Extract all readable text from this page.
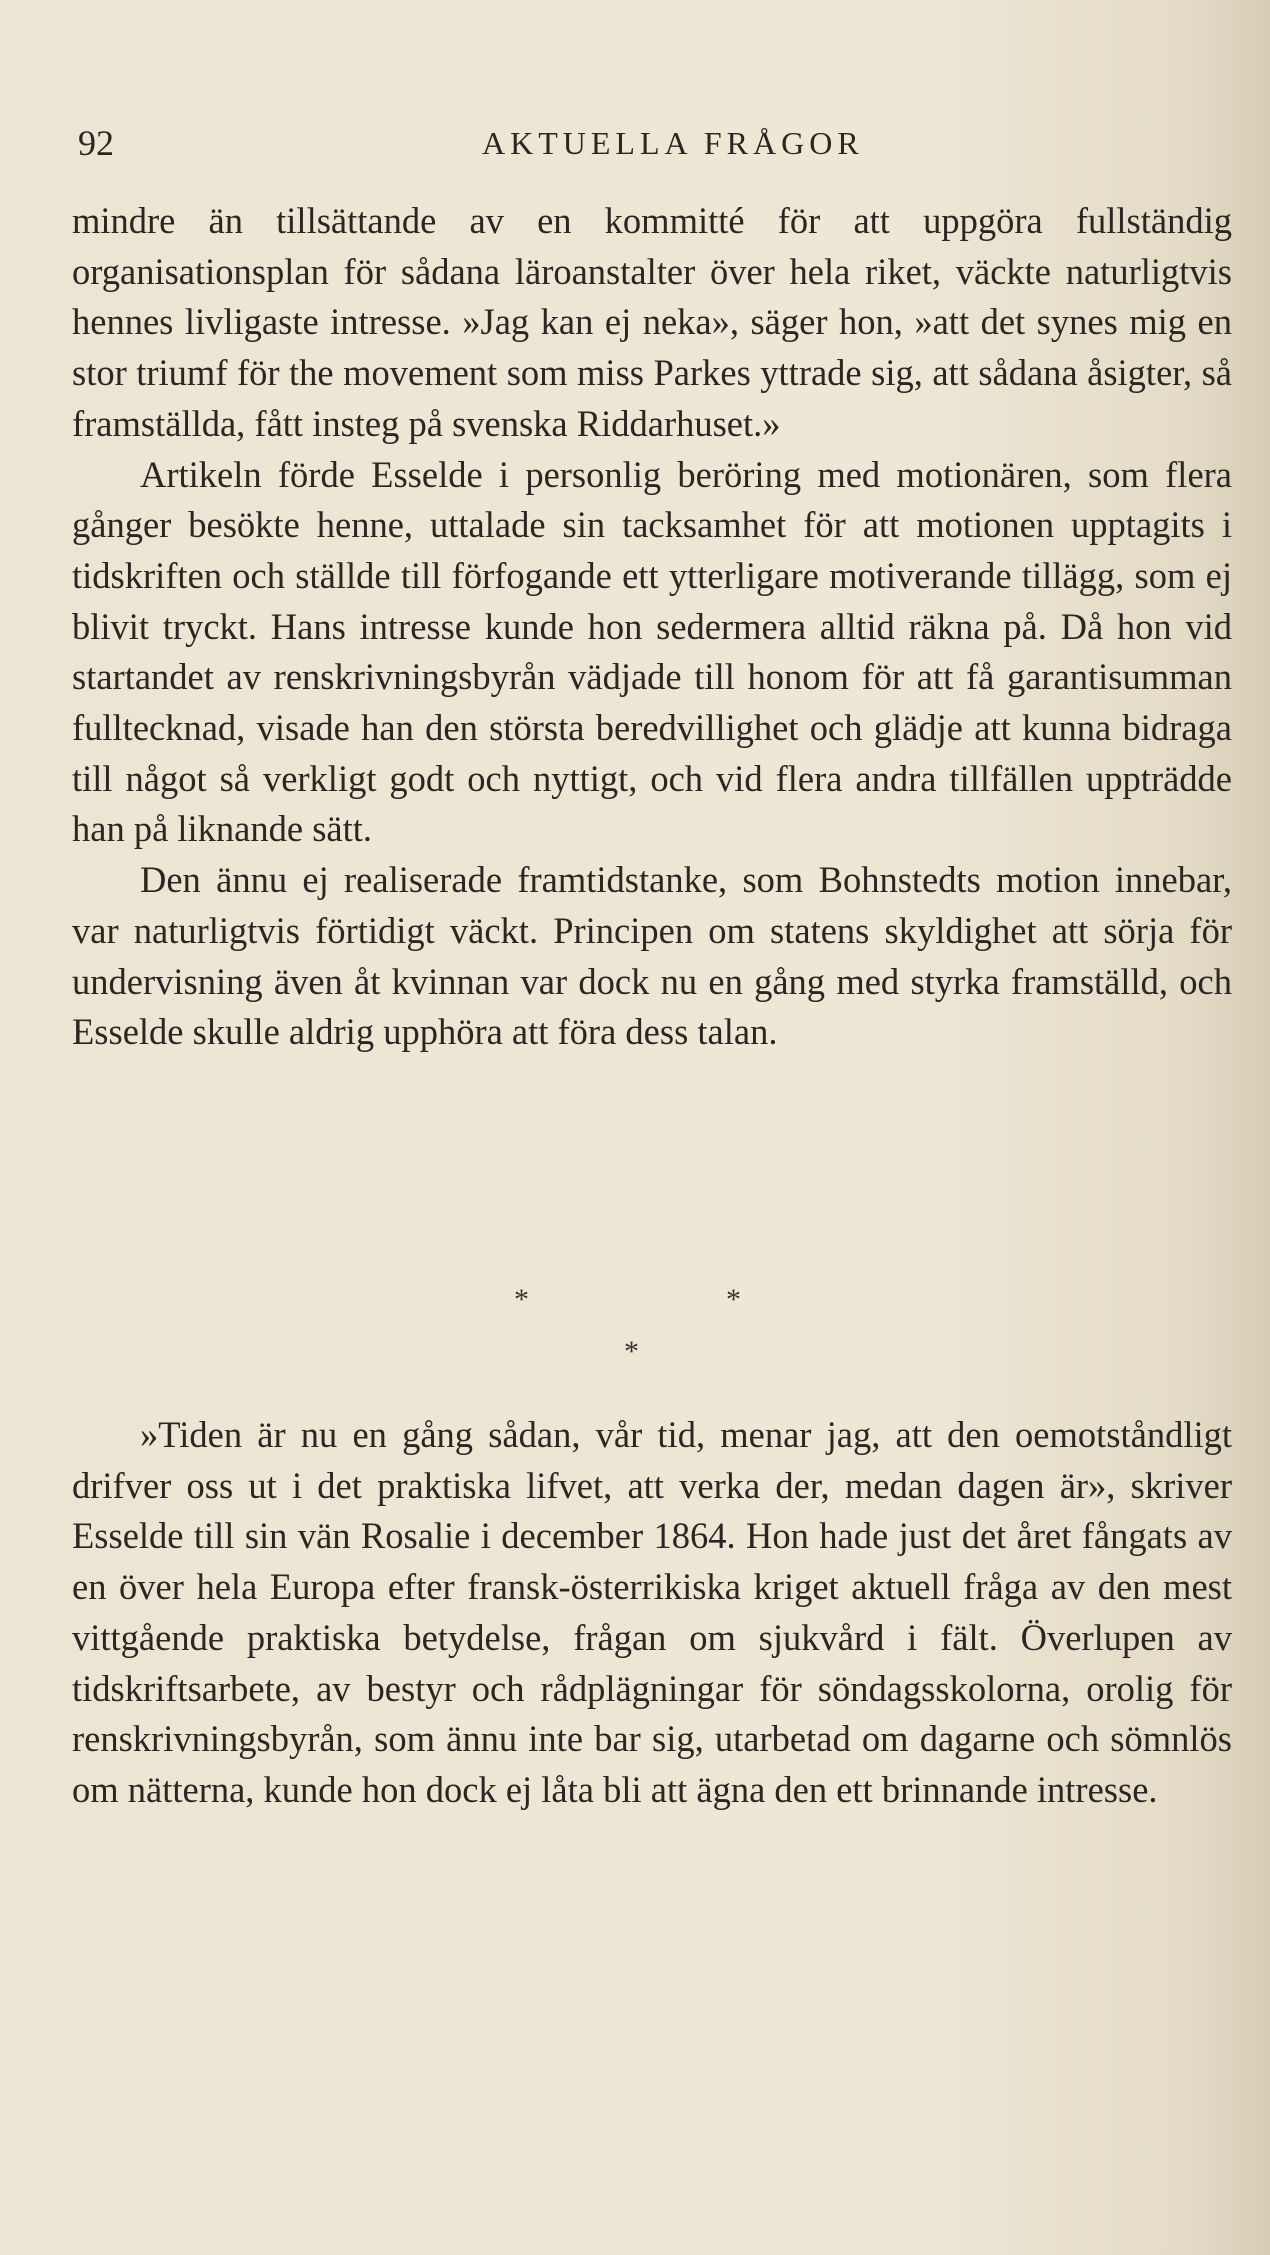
92	AKTUELLA FRÅGOR

mindre än tillsättande av en kommitté för att uppgöra fullständig organisationsplan för sådana läroanstalter över hela riket, väckte naturligtvis hennes livligaste intresse. »Jag kan ej neka», säger hon, »att det synes mig en stor triumf för the movement som miss Parkes yttrade sig, att sådana åsigter, så framställda, fått insteg på svenska Riddarhuset.»

Artikeln förde Esselde i personlig beröring med motionären, som flera gånger besökte henne, uttalade sin tacksamhet för att motionen upptagits i tidskriften och ställde till förfogande ett ytterligare motiverande tillägg, som ej blivit tryckt. Hans intresse kunde hon sedermera alltid räkna på. Då hon vid startandet av renskrivningsbyrån vädjade till honom för att få garantisumman fulltecknad, visade han den största beredvillighet och glädje att kunna bidraga till något så verkligt godt och nyttigt, och vid flera andra tillfällen uppträdde han på liknande sätt.

Den ännu ej realiserade framtidstanke, som Bohnstedts motion innebar, var naturligtvis förtidigt väckt. Principen om statens skyldighet att sörja för undervisning även åt kvinnan var dock nu en gång med styrka framställd, och Esselde skulle aldrig upphöra att föra dess talan.

*	*
*

»Tiden är nu en gång sådan, vår tid, menar jag, att den oemotståndligt drifver oss ut i det praktiska lifvet, att verka der, medan dagen är», skriver Esselde till sin vän Rosalie i december 1864. Hon hade just det året fångats av en över hela Europa efter fransk-österrikiska kriget aktuell fråga av den mest vittgående praktiska betydelse, frågan om sjukvård i fält. Överlupen av tidskriftsarbete, av bestyr och rådplägningar för söndagsskolorna, orolig för renskrivningsbyrån, som ännu inte bar sig, utarbetad om dagarne och sömnlös om nätterna, kunde hon dock ej låta bli att ägna den ett brinnande intresse.
